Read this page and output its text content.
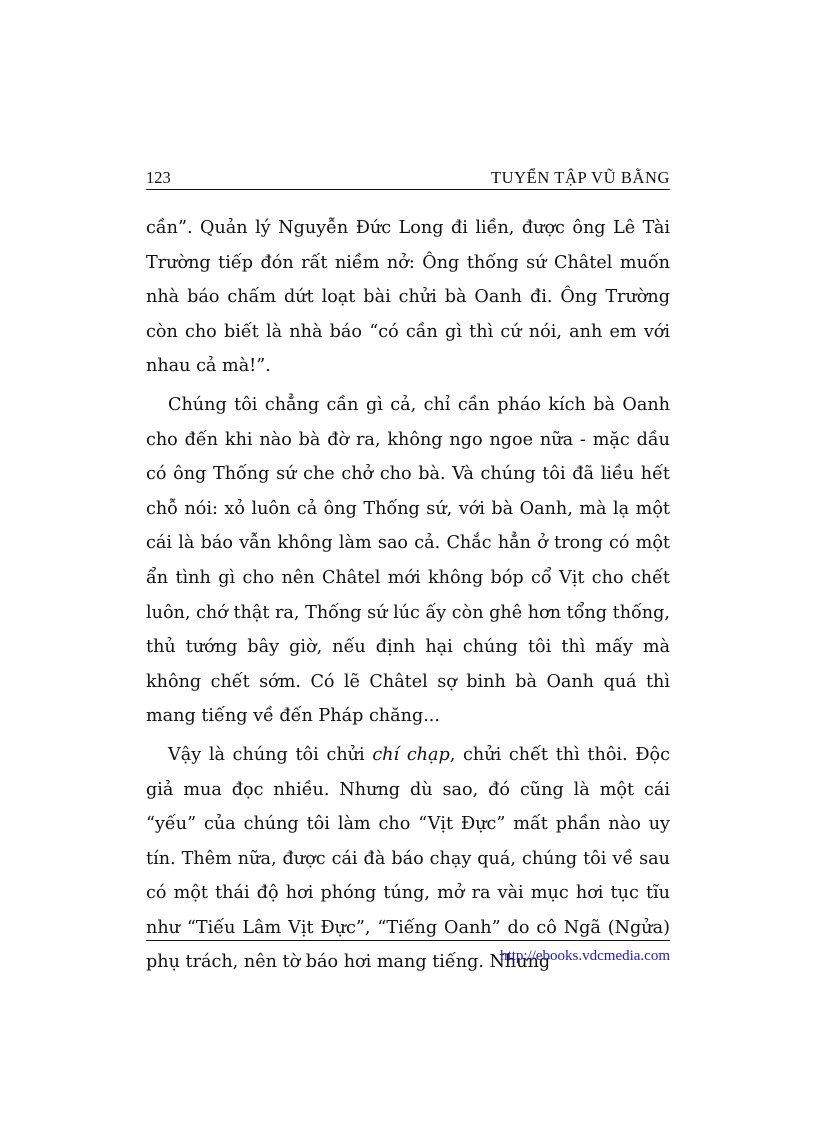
123	TUYỂN TẬP VŨ BẰNG

cần”. Quản lý Nguyễn Đức Long đi liền, được ông Lê Tài Trường tiếp đón rất niềm nở: Ông thống sứ Châtel muốn nhà báo chấm dứt loạt bài chửi bà Oanh đi. Ông Trường còn cho biết là nhà báo “có cần gì thì cứ nói, anh em với nhau cả mà!”.

Chúng tôi chẳng cần gì cả, chỉ cần pháo kích bà Oanh cho đến khi nào bà đờ ra, không ngo ngoe nữa - mặc dầu có ông Thống sứ che chở cho bà. Và chúng tôi đã liều hết chỗ nói: xỏ luôn cả ông Thống sứ, với bà Oanh, mà lạ một cái là báo vẫn không làm sao cả. Chắc hẳn ở trong có một ẩn tình gì cho nên Châtel mới không bóp cổ Vịt cho chết luôn, chớ thật ra, Thống sứ lúc ấy còn ghê hơn tổng thống, thủ tướng bây giờ, nếu định hại chúng tôi thì mấy mà không chết sớm. Có lẽ Châtel sợ binh bà Oanh quá thì mang tiếng về đến Pháp chăng...

Vậy là chúng tôi chửi chí chạp, chửi chết thì thôi. Độc giả mua đọc nhiều. Nhưng dù sao, đó cũng là một cái “yếu” của chúng tôi làm cho “Vịt Đực” mất phần nào uy tín. Thêm nữa, được cái đà báo chạy quá, chúng tôi về sau có một thái độ hơi phóng túng, mở ra vài mục hơi tục tĩu như “Tiếu Lâm Vịt Đực”, “Tiếng Oanh” do cô Ngã (Ngửa) phụ trách, nên tờ báo hơi mang tiếng. Nhưng

http://ebooks.vdcmedia.com
